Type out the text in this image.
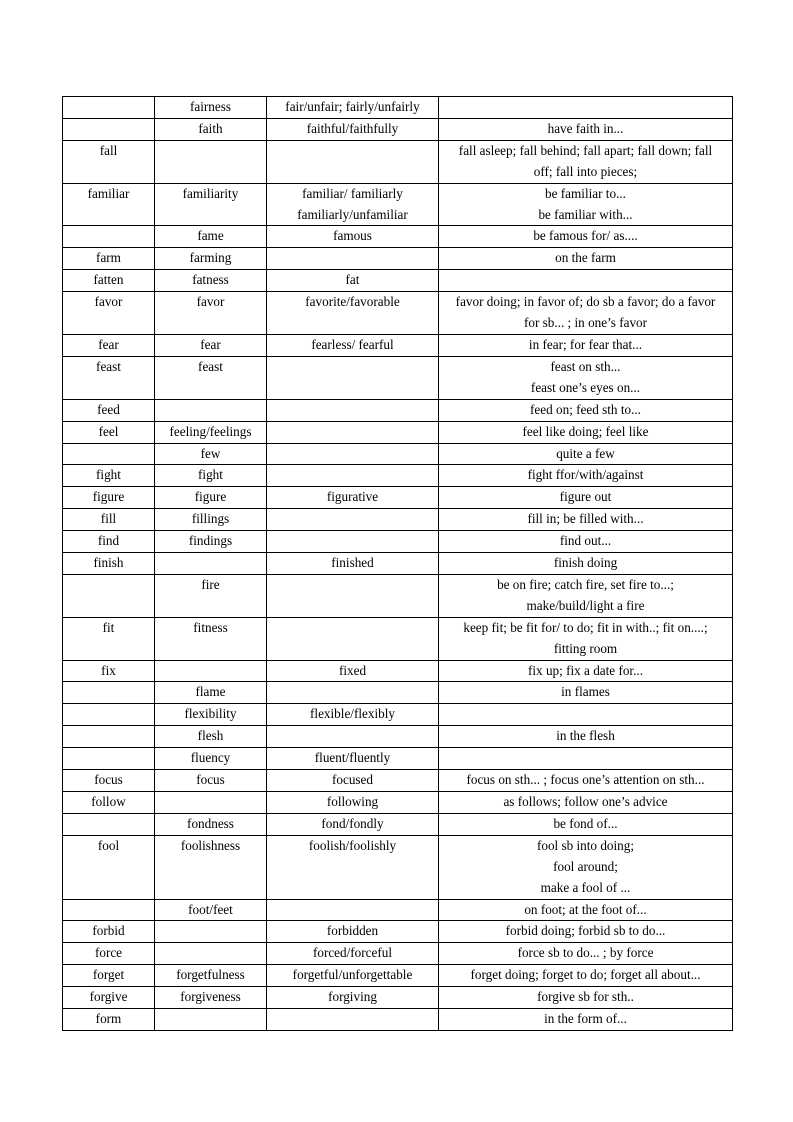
	fairness	fair/unfair; fairly/unfairly	

	faith	faithful/faithfully	have faith in...

fall			fall asleep; fall behind; fall apart; fall down; fall
off; fall into pieces;

familiar	familiarity	familiar/ familiarly
familiarly/unfamiliar	be familiar to...
be familiar with...

	fame	famous	be famous for/ as....

farm	farming		on the farm

fatten	fatness	fat	

favor	favor	favorite/favorable	favor doing; in favor of; do sb a favor; do a favor
for sb... ; in one’s favor

fear	fear	fearless/ fearful	in fear; for fear that...

feast	feast		feast on sth...
feast one’s eyes on...

feed			feed on; feed sth to...

feel	feeling/feelings		feel like doing; feel like

	few		quite a few

fight	fight		fight ffor/with/against

figure	figure	figurative	figure out

fill	fillings		fill in; be filled with...

find	findings		find out...

finish		finished	finish doing

	fire		be on fire; catch fire, set fire to...;
make/build/light a fire

fit	fitness		keep fit; be fit for/ to do; fit in with..; fit on....;
fitting room

fix		fixed	fix up; fix a date for...

	flame		in flames

	flexibility	flexible/flexibly	

	flesh		in the flesh

	fluency	fluent/fluently	

focus	focus	focused	focus on sth... ; focus one’s attention on sth...

follow		following	as follows; follow one’s advice

	fondness	fond/fondly	be fond of...

fool	foolishness	foolish/foolishly	fool sb into doing;
fool around;
make a fool of ...

	foot/feet		on foot; at the foot of...

forbid		forbidden	forbid doing; forbid sb to do...

force		forced/forceful	force sb to do... ; by force

forget	forgetfulness	forgetful/unforgettable	forget doing; forget to do; forget all about...

forgive	forgiveness	forgiving	forgive sb for sth..

form			in the form of...
